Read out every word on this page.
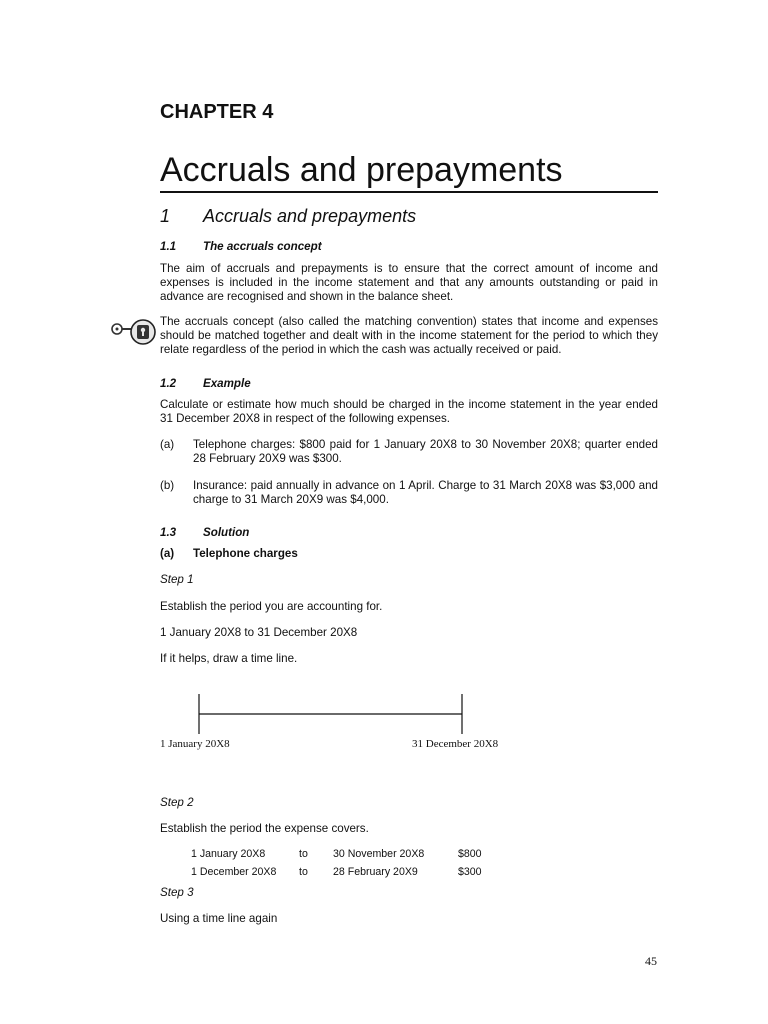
CHAPTER 4
Accruals and prepayments
1 Accruals and prepayments
1.1 The accruals concept

The aim of accruals and prepayments is to ensure that the correct amount of income and expenses is included in the income statement and that any amounts outstanding or paid in advance are recognised and shown in the balance sheet.

The accruals concept (also called the matching convention) states that income and expenses should be matched together and dealt with in the income statement for the period to which they relate regardless of the period in which the cash was actually received or paid.

1.2 Example

Calculate or estimate how much should be charged in the income statement in the year ended 31 December 20X8 in respect of the following expenses.

(a) Telephone charges: $800 paid for 1 January 20X8 to 30 November 20X8; quarter ended 28 February 20X9 was $300.
(b) Insurance: paid annually in advance on 1 April. Charge to 31 March 20X8 was $3,000 and charge to 31 March 20X9 was $4,000.
1.3 Solution
(a) Telephone charges
Step 1
Establish the period you are accounting for.
1 January 20X8 to 31 December 20X8
If it helps, draw a time line.
1 January 20X8	31 December 20X8
Step 2
Establish the period the expense covers.
1 January 20X8	to 30 November 20X8	$800
1 December 20X8 to 28 February 20X9	$300
Step 3
Using a time line again
45
